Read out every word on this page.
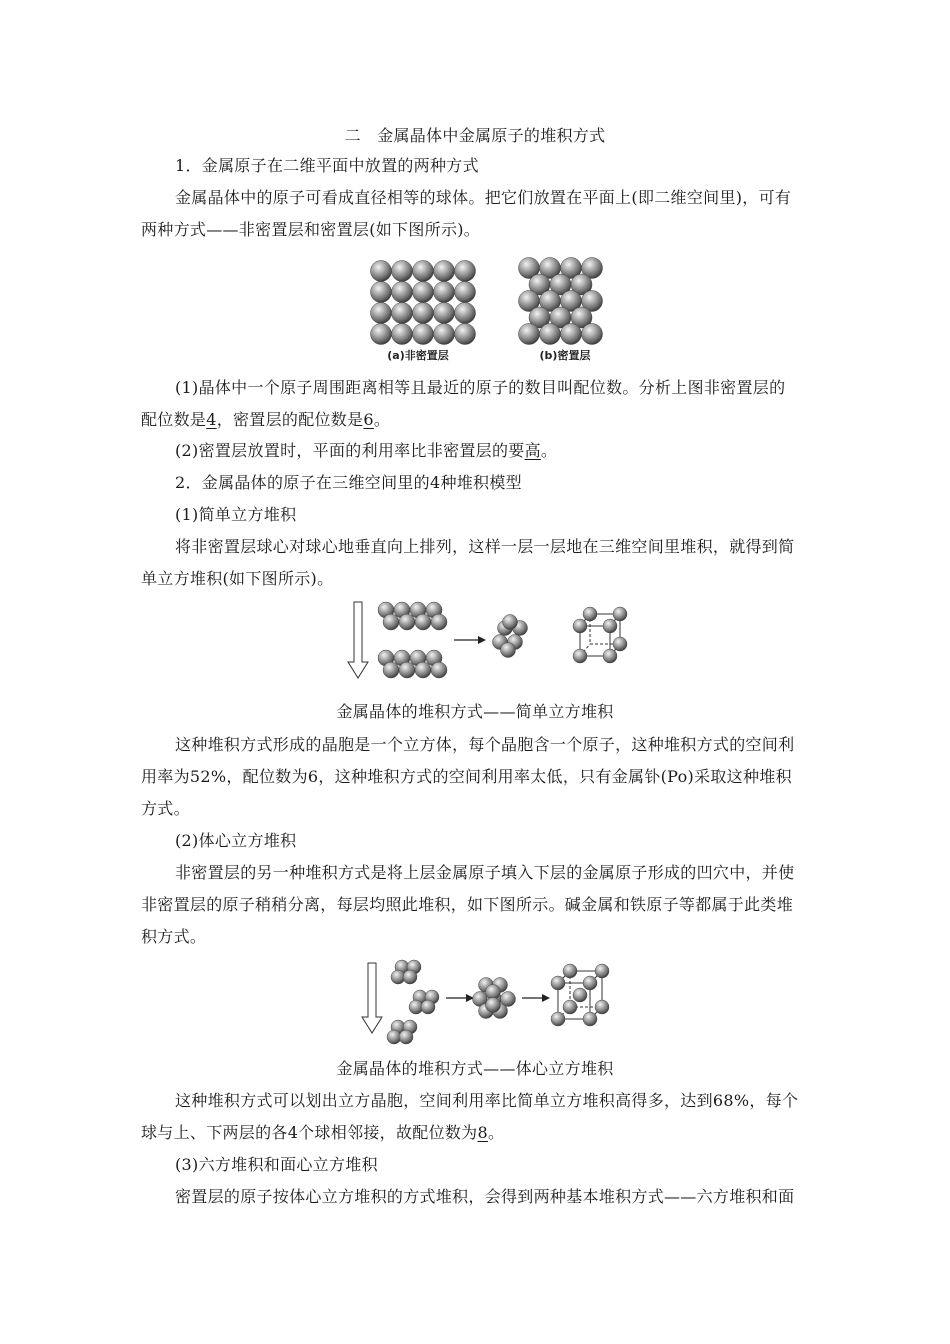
二　金属晶体中金属原子的堆积方式
1．金属原子在二维平面中放置的两种方式
金属晶体中的原子可看成直径相等的球体。把它们放置在平面上(即二维空间里)，可有
两种方式——非密置层和密置层(如下图所示)。
(a)非密置层	(b)密置层
(1)晶体中一个原子周围距离相等且最近的原子的数目叫配位数。分析上图非密置层的
配位数是4，密置层的配位数是6。
(2)密置层放置时，平面的利用率比非密置层的要高。
2．金属晶体的原子在三维空间里的4种堆积模型
(1)简单立方堆积
将非密置层球心对球心地垂直向上排列，这样一层一层地在三维空间里堆积，就得到简
单立方堆积(如下图所示)。
金属晶体的堆积方式——简单立方堆积
这种堆积方式形成的晶胞是一个立方体，每个晶胞含一个原子，这种堆积方式的空间利
用率为52%，配位数为6，这种堆积方式的空间利用率太低，只有金属钋(Po)采取这种堆积
方式。
(2)体心立方堆积
非密置层的另一种堆积方式是将上层金属原子填入下层的金属原子形成的凹穴中，并使
非密置层的原子稍稍分离，每层均照此堆积，如下图所示。碱金属和铁原子等都属于此类堆
积方式。
金属晶体的堆积方式——体心立方堆积
这种堆积方式可以划出立方晶胞，空间利用率比简单立方堆积高得多，达到68%，每个
球与上、下两层的各4个球相邻接，故配位数为8。
(3)六方堆积和面心立方堆积
密置层的原子按体心立方堆积的方式堆积，会得到两种基本堆积方式——六方堆积和面
